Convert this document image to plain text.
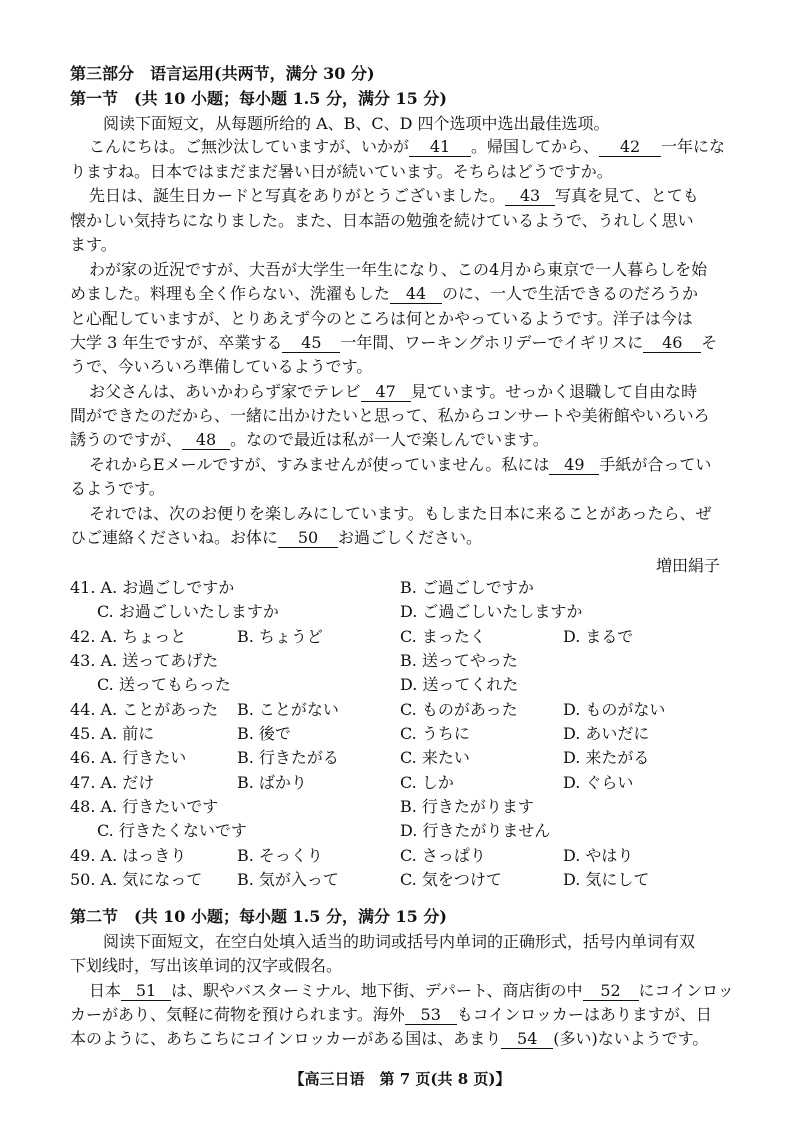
第三部分　语言运用(共两节，满分 30 分)
第一节　(共 10 小题；每小题 1.5 分，满分 15 分)
阅读下面短文，从每题所给的 A、B、C、D 四个选项中选出最佳选项。
こんにちは。ご無沙汰していますが、いかが 41 。帰国してから、 42 一年にな
りますね。日本ではまだまだ暑い日が続いています。そちらはどうですか。
先日は、誕生日カードと写真をありがとうございました。 43 写真を見て、とても
懐かしい気持ちになりました。また、日本語の勉強を続けているようで、うれしく思い
ます。
わが家の近況ですが、大吾が大学生一年生になり、この4月から東京で一人暮らしを始
めました。料理も全く作らない、洗濯もした 44 のに、一人で生活できるのだろうか
と心配していますが、とりあえず今のところは何とかやっているようです。洋子は今は
大学 3 年生ですが、卒業する 45 一年間、ワーキングホリデーでイギリスに 46 そ
うで、今いろいろ準備しているようです。
お父さんは、あいかわらず家でテレビ 47 見ています。せっかく退職して自由な時
間ができたのだから、一緒に出かけたいと思って、私からコンサートや美術館やいろいろ
誘うのですが、 48 。なので最近は私が一人で楽しんでいます。
それからEメールですが、すみませんが使っていません。私には 49 手紙が合ってい
るようです。
それでは、次のお便りを楽しみにしています。もしまた日本に来ることがあったら、ぜ
ひご連絡くださいね。お体に 50 お過ごしください。
増田絹子
41. A. お過ごしですか	B. ご過ごしですか
C. お過ごしいたしますか	D. ご過ごしいたしますか
42. A. ちょっと	B. ちょうど	C. まったく	D. まるで
43. A. 送ってあげた	B. 送ってやった
C. 送ってもらった	D. 送ってくれた
44. A. ことがあった B. ことがない	C. ものがあった	D. ものがない
45. A. 前に	B. 後で	C. うちに	D. あいだに
46. A. 行きたい	B. 行きたがる	C. 来たい	D. 来たがる
47. A. だけ	B. ばかり	C. しか	D. ぐらい
48. A. 行きたいです	B. 行きたがります
C. 行きたくないです	D. 行きたがりません
49. A. はっきり	B. そっくり	C. さっぱり	D. やはり
50. A. 気になって B. 気が入って	C. 気をつけて	D. 気にして
第二节　(共 10 小题；每小题 1.5 分，满分 15 分)
阅读下面短文，在空白处填入适当的助词或括号内单词的正确形式，括号内单词有双
下划线时，写出该单词的汉字或假名。
日本 51 は、駅やバスターミナル、地下街、デパート、商店街の中 52 にコインロッ
カーがあり、気軽に荷物を預けられます。海外 53 もコインロッカーはありますが、日
本のように、あちこちにコインロッカーがある国は、あまり 54 (多い)ないようです。
【高三日语　第 7 页(共 8 页)】
